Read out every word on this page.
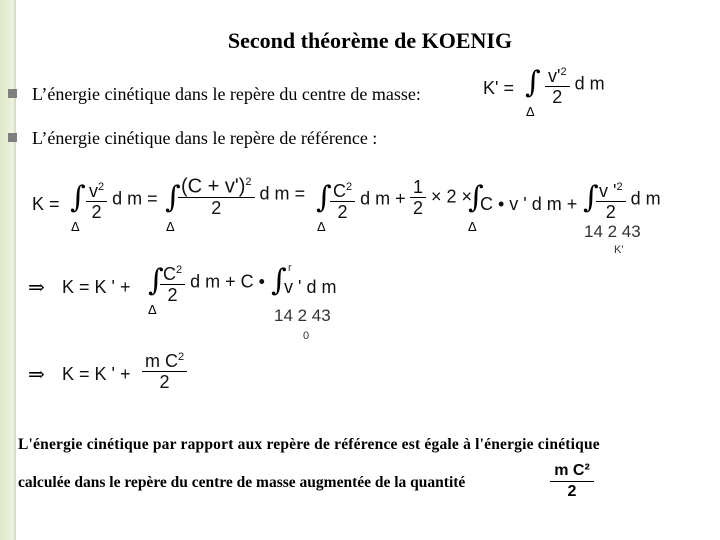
Second théorème de KOENIG
L’énergie cinétique dans le repère du centre de masse:	K' = ∫
Δ
$\frac{v'^2}{2}$ d m
L’énergie cinétique dans le repère de référence :
K = ∫
Δ
$\frac{v^2}{2}$ d m = ∫
Δ
$\frac{(C + v')^2}{2}$ d m = ∫
Δ
$\frac{C^2}{2}$ d $m + \frac{1}{2} \times 2$ ×
∫
Δ
C • v ' d m + ∫
$\frac{v '^2}{2}$ d m
14 2 43
K'
⇒ K = K ' + ∫
Δ
$\frac{C^2}{2}$ d m + C • ∫
v ' d m
r
14 2 43
0
⇒ K = K ' + $\frac{m C^2}{2}$
L'énergie cinétique par rapport aux repère de référence est égale à l'énergie cinétique
calculée dans le repère du centre de masse augmentée de la quantité	$\frac{\text{m C²}}{2}$
